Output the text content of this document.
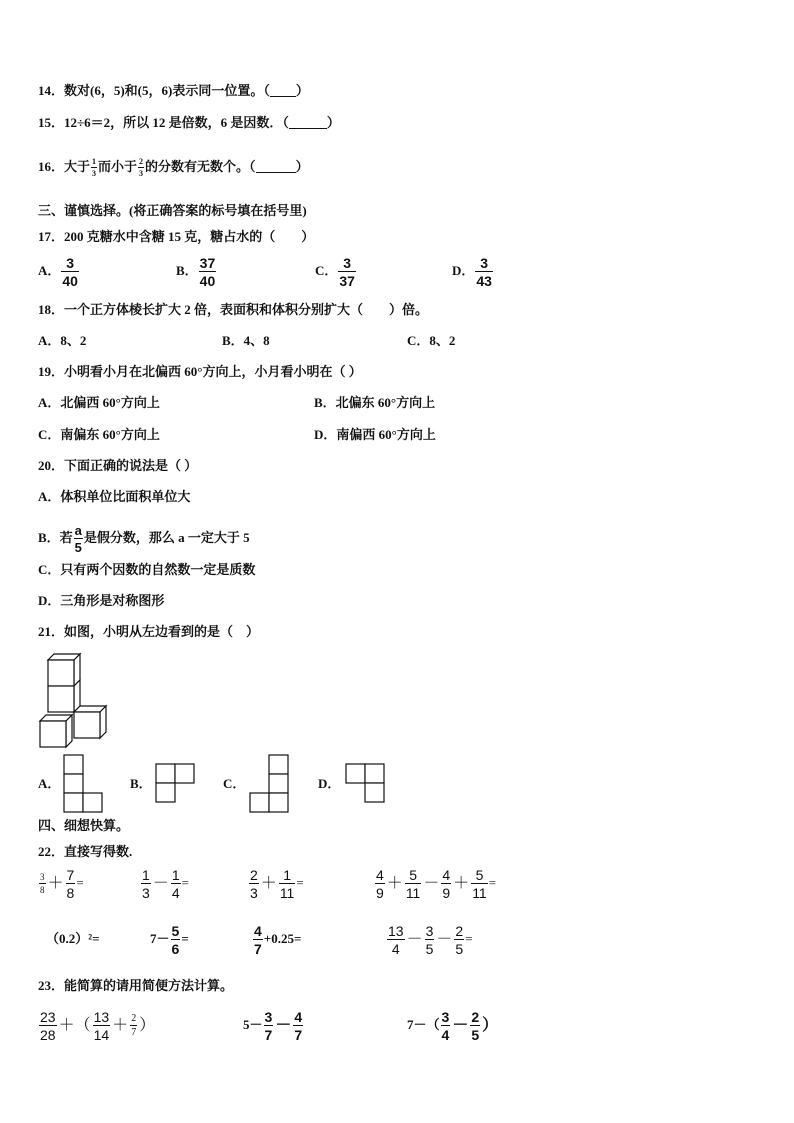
14．数对(6，5)和(5，6)表示同一位置。（ ）
15．12÷6＝2，所以 12 是倍数，6 是因数．（	）
16．大于 $\frac{1}{3}$ 而小于 $\frac{2}{3}$ 的分数有无数个。（	）
三、谨慎选择。(将正确答案的标号填在括号里)
17．200 克糖水中含糖 15 克，糖占水的（　　）
A． $\frac{3}{40}$	B． $\frac{37}{40}$	C． $\frac{3}{37}$	D． $\frac{3}{43}$
18．一个正方体棱长扩大 2 倍，表面积和体积分别扩大（　　）倍。
A．8、2	B．4、8	C．8、2
19．小明看小月在北偏西 60°方向上，小月看小明在（ ）
A．北偏西 60°方向上	B．北偏东 60°方向上
C．南偏东 60°方向上	D．南偏西 60°方向上
20．下面正确的说法是（ ）
A．体积单位比面积单位大
B．若 $\frac{a}{5}$ 是假分数，那么 a 一定大于 5
C．只有两个因数的自然数一定是质数
D．三角形是对称图形
21．如图，小明从左边看到的是（　）
A．	B．	C．	D．
四、细想快算。
22．直接写得数.
$\frac{3}{8} + \frac{7}{8}$ =	$\frac{1}{3} - \frac{1}{4}$ =	$\frac{2}{3} + \frac{1}{11}$ =	$\frac{4}{9} + \frac{5}{11} - \frac{4}{9} + \frac{5}{11}$ =
（0.2）²=	$7- \frac{5}{6}$ =	$\frac{4}{7} +0.25=$	$\frac{13}{4} - \frac{3}{5} - \frac{2}{5}$ =
23．能简算的请用简便方法计算。
$\frac{23}{28}$ ＋（ $\frac{13}{14} + \frac{2}{7}$ ）	$5- \frac{3}{7} - \frac{4}{7}$	$7-( \frac{3}{4} - \frac{2}{5}$ ）
